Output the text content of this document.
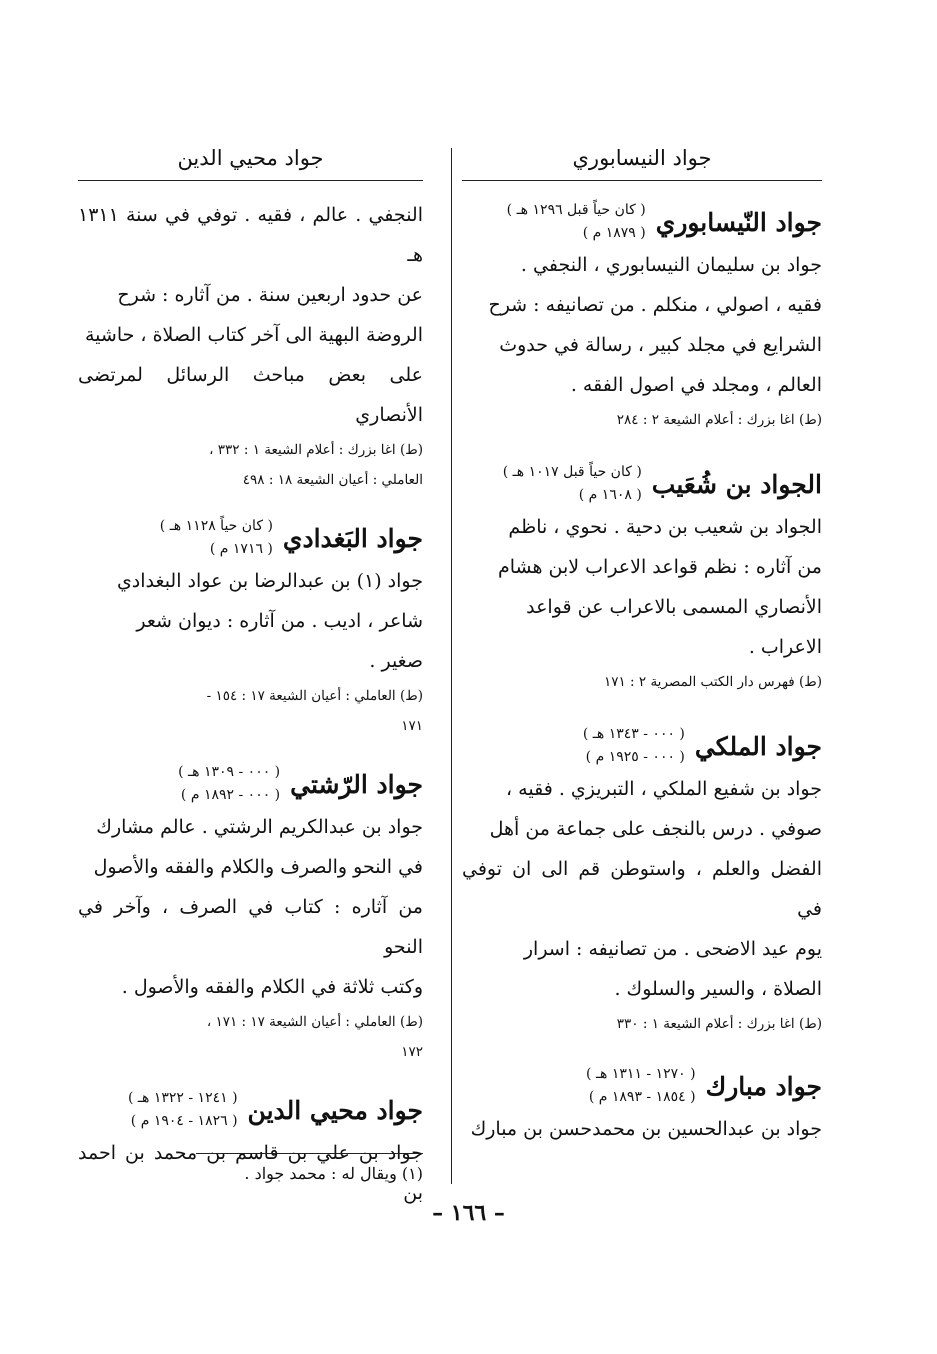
جواد النيسابوري
جواد النّيسابوري
( كان حياً قبل ١٢٩٦ هـ )
( ١٨٧٩ م )
جواد بن سليمان النيسابوري ، النجفي .
فقيه ، اصولي ، منكلم . من تصانيفه : شرح
الشرايع في مجلد كبير ، رسالة في حدوث
العالم ، ومجلد في اصول الفقه .
(ط) اغا بزرك : أعلام الشيعة ٢ : ٢٨٤
الجواد بن شُعَيب
( كان حياً قبل ١٠١٧ هـ )
( ١٦٠٨ م )
الجواد بن شعيب بن دحية . نحوي ، ناظم
من آثاره : نظم قواعد الاعراب لابن هشام
الأنصاري المسمى بالاعراب عن قواعد
الاعراب .
(ط) فهرس دار الكتب المصرية ٢ : ١٧١
جواد الملكي
( ٠٠٠ - ١٣٤٣ هـ )
( ٠٠٠ - ١٩٢٥ م )
جواد بن شفيع الملكي ، التبريزي . فقيه ،
صوفي . درس بالنجف على جماعة من أهل
الفضل والعلم ، واستوطن قم الى ان توفي في
يوم عيد الاضحى . من تصانيفه : اسرار
الصلاة ، والسير والسلوك .
(ط) اغا بزرك : أعلام الشيعة ١ : ٣٣٠
جواد مبارك
( ١٢٧٠ - ١٣١١ هـ )
( ١٨٥٤ - ١٨٩٣ م )
جواد بن عبدالحسين بن محمدحسن بن مبارك
جواد محيي الدين
النجفي . عالم ، فقيه . توفي في سنة ١٣١١ هـ
عن حدود اربعين سنة . من آثاره : شرح
الروضة البهية الى آخر كتاب الصلاة ، حاشية
على بعض مباحث الرسائل لمرتضى الأنصاري
(ط) اغا بزرك : أعلام الشيعة ١ : ٣٣٢ ،
العاملي : أعيان الشيعة ١٨ : ٤٩٨
جواد البَغدادي
( كان حياً ١١٢٨ هـ )
( ١٧١٦ م )
جواد (١) بن عبدالرضا بن عواد البغدادي
شاعر ، اديب . من آثاره : ديوان شعر
صغير .
(ط) العاملي : أعيان الشيعة ١٧ : ١٥٤ -
١٧١
جواد الرّشتي
( ٠٠٠ - ١٣٠٩ هـ )
( ٠٠٠ - ١٨٩٢ م )
جواد بن عبدالكريم الرشتي . عالم مشارك
في النحو والصرف والكلام والفقه والأصول
من آثاره : كتاب في الصرف ، وآخر في النحو
وكتب ثلاثة في الكلام والفقه والأصول .
(ط) العاملي : أعيان الشيعة ١٧ : ١٧١ ،
١٧٢
جواد محيي الدين
( ١٢٤١ - ١٣٢٢ هـ )
( ١٨٢٦ - ١٩٠٤ م )
جواد بن علي بن قاسم بن محمد بن احمد بن
(١) ويقال له : محمد جواد .
– ١٦٦ –
